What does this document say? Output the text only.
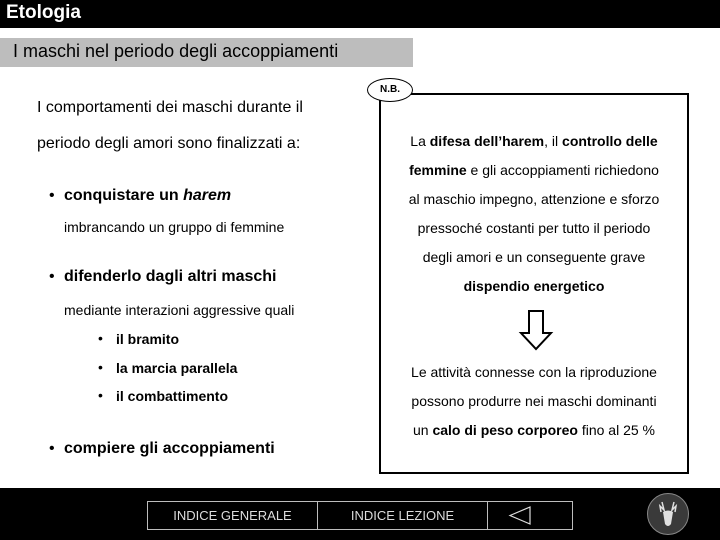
Etologia
I maschi nel periodo degli accoppiamenti
I comportamenti dei maschi durante il
periodo degli amori sono finalizzati a:
• conquistare un harem
imbrancando un gruppo di femmine
• difenderlo dagli altri maschi
mediante interazioni aggressive quali
• il bramito
• la marcia parallela
• il combattimento
• compiere gli accoppiamenti
N.B.
La difesa dell’harem, il controllo delle
femmine e gli accoppiamenti richiedono
al maschio impegno, attenzione e sforzo
pressoché costanti per tutto il periodo
degli amori e un conseguente grave
dispendio energetico
Le attività connesse con la riproduzione
possono produrre nei maschi dominanti
un calo di peso corporeo fino al 25 %
INDICE GENERALE	INDICE LEZIONE
